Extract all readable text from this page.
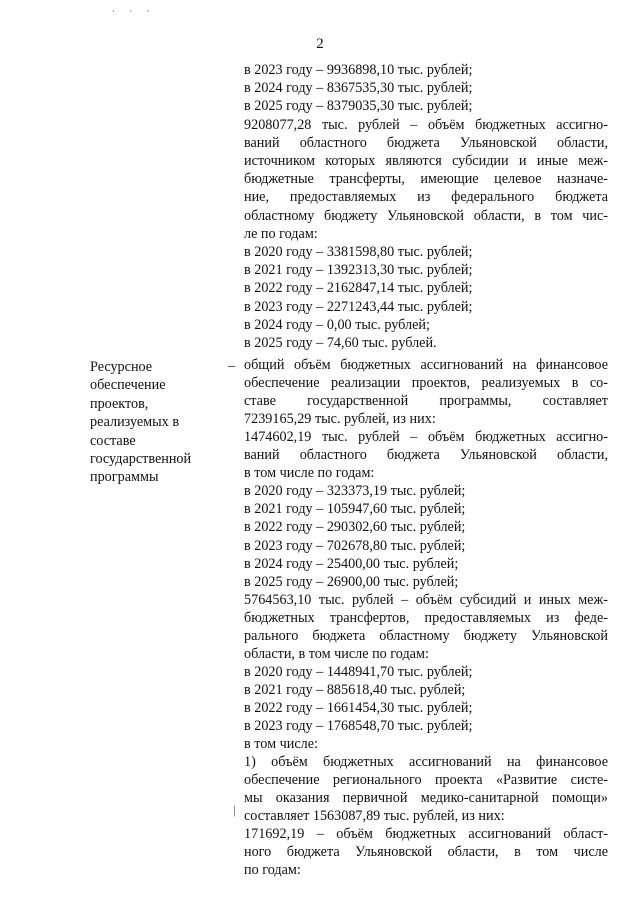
· · ·
2
в 2023 году – 9936898,10 тыс. рублей;
в 2024 году – 8367535,30 тыс. рублей;
в 2025 году – 8379035,30 тыс. рублей;
9208077,28 тыс. рублей – объём бюджетных ассигно-
ваний областного бюджета Ульяновской области,
источником которых являются субсидии и иные меж-
бюджетные трансферты, имеющие целевое назначе-
ние, предоставляемых из федерального бюджета
областному бюджету Ульяновской области, в том чис-
ле по годам:
в 2020 году – 3381598,80 тыс. рублей;
в 2021 году – 1392313,30 тыс. рублей;
в 2022 году – 2162847,14 тыс. рублей;
в 2023 году – 2271243,44 тыс. рублей;
в 2024 году – 0,00 тыс. рублей;
в 2025 году – 74,60 тыс. рублей.
Ресурсное обеспечение проектов, реализуемых в составе государственной программы
– общий объём бюджетных ассигнований на финансовое
обеспечение реализации проектов, реализуемых в со-
ставе государственной программы, составляет
7239165,29 тыс. рублей, из них:
1474602,19 тыс. рублей – объём бюджетных ассигно-
ваний областного бюджета Ульяновской области,
в том числе по годам:
в 2020 году – 323373,19 тыс. рублей;
в 2021 году – 105947,60 тыс. рублей;
в 2022 году – 290302,60 тыс. рублей;
в 2023 году – 702678,80 тыс. рублей;
в 2024 году – 25400,00 тыс. рублей;
в 2025 году – 26900,00 тыс. рублей;
5764563,10 тыс. рублей – объём субсидий и иных меж-
бюджетных трансфертов, предоставляемых из феде-
рального бюджета областному бюджету Ульяновской
области, в том числе по годам:
в 2020 году – 1448941,70 тыс. рублей;
в 2021 году – 885618,40 тыс. рублей;
в 2022 году – 1661454,30 тыс. рублей;
в 2023 году – 1768548,70 тыс. рублей;
в том числе:
1) объём бюджетных ассигнований на финансовое
обеспечение регионального проекта «Развитие систе-
мы оказания первичной медико-санитарной помощи»
составляет 1563087,89 тыс. рублей, из них:
171692,19 – объём бюджетных ассигнований област-
ного бюджета Ульяновской области, в том числе
по годам:
|
